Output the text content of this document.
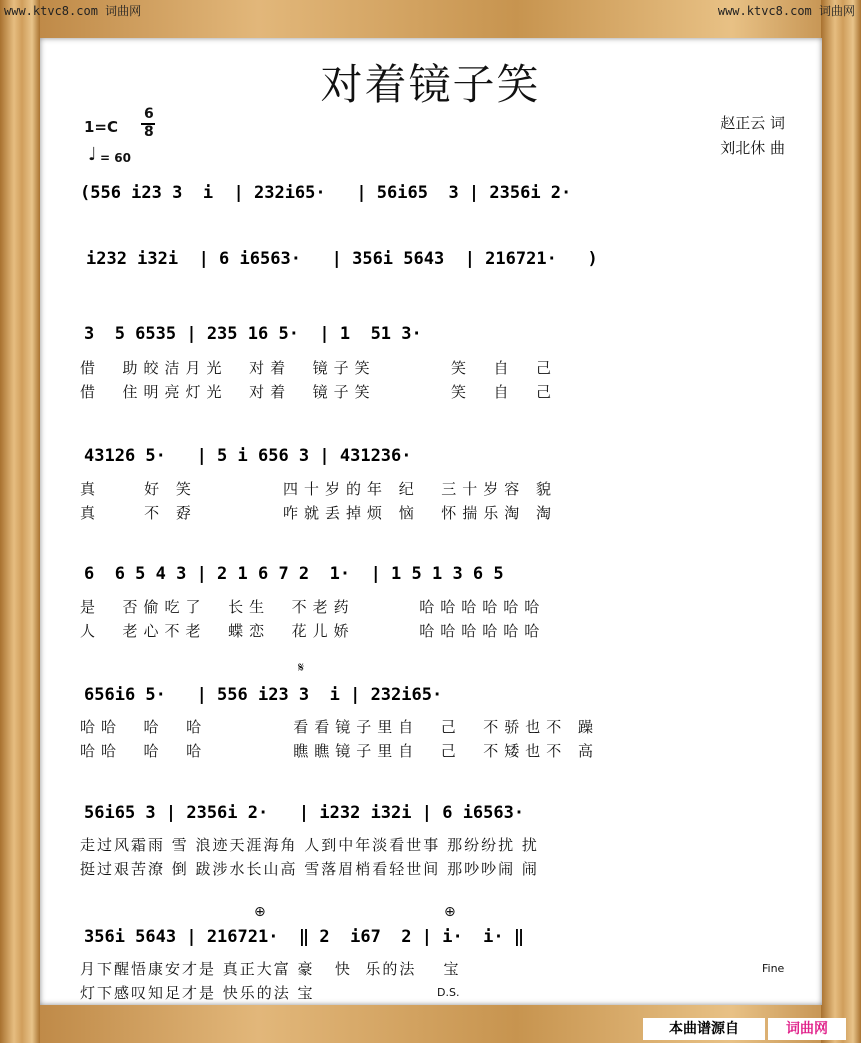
www.ktvc8.com 词曲网	www.ktvc8.com 词曲网
对着镜子笑
1=C
6
8
♩ = 60
赵正云 词
刘北休 曲
(556 i23 3  i  | 232i65·   | 56i65  3 | 2356i 2·
i232 i32i  | 6 i6563·   | 356i 5643  | 216721·   )
3  5 6535 | 235 16 5·  | 1  51 3·
借  助皎洁月光  对着  镜子笑       笑  自  己
借  住明亮灯光  对着  镜子笑       笑  自  己
43126 5·   | 5 i 656 3 | 431236·
真    好 笑        四十岁的年 纪  三十岁容 貌
真    不 孬        咋就丢掉烦 恼  怀揣乐淘 淘
6  6 5 4 3 | 2 1 6 7 2  1·  | 1 5 1 3 6 5
是  否偷吃了  长生  不老药      哈哈哈哈哈哈
人  老心不老  蝶恋  花儿娇      哈哈哈哈哈哈
𝄋
656i6 5·   | 556 i23 3  i | 232i65·
哈哈  哈  哈        看看镜子里自  己  不骄也不 躁
哈哈  哈  哈        瞧瞧镜子里自  己  不矮也不 高
56i65 3 | 2356i 2·   | i232 i32i | 6 i6563·
走过风霜雨 雪 浪迹天涯海角 人到中年淡看世事 那纷纷扰 扰
挺过艰苦潦 倒 跋涉水长山高 雪落眉梢看轻世间 那吵吵闹 闹
⊕	⊕
356i 5643 | 216721·  ‖ 2  i67  2 | i·  i· ‖
月下醒悟康安才是 真正大富 豪   快  乐的法    宝
灯下感叹知足才是 快乐的法 宝	D.S.
Fine
本曲谱源自	词曲网
